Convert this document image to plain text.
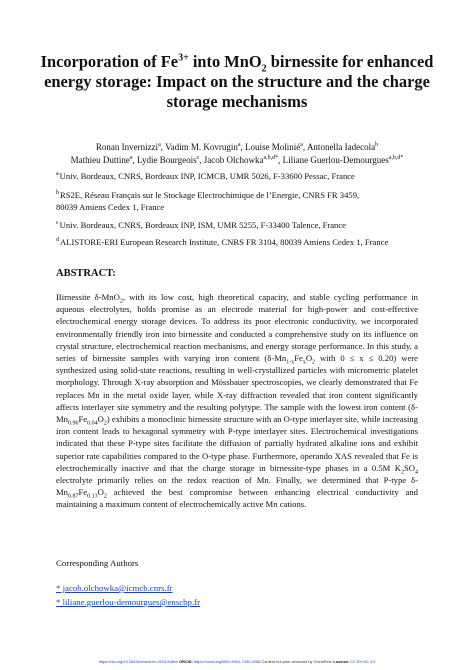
Incorporation of $Fe^{3+}$ into MnO$_2$ birnessite for enhanced energy storage: Impact on the structure and the charge storage mechanisms
Ronan Invernizzi$^a$, Vadim M. Kovrugin$^a$, Louise Molinié$^a$, Antonella Iadecola$^b$
Mathieu Duttine$^a$, Lydie Bourgeois$^c$, Jacob Olchowka$^{a,b,d*}$, Liliane Guerlou-Demourgues$^{a,b,d*}$
$^a$Univ. Bordeaux, CNRS, Bordeaux INP, ICMCB, UMR 5026, F-33600 Pessac, France
$^b$RS2E, Réseau Français sur le Stockage Electrochimique de l’Energie, CNRS FR 3459, 80039 Amiens Cedex 1, France
$^c$Univ. Bordeaux, CNRS, Bordeaux INP, ISM, UMR 5255, F-33400 Talence, France
$^d$ALISTORE-ERI European Research Institute, CNRS FR 3104, 80039 Amiens Cedex 1, France
ABSTRACT:

Birnessite δ-MnO$_2$, with its low cost, high theoretical capacity, and stable cycling performance in aqueous electrolytes, holds promise as an electrode material for high-power and cost-effective electrochemical energy storage devices. To address its poor electronic conductivity, we incorporated environmentally friendly iron into birnessite and conducted a comprehensive study on its influence on crystal structure, electrochemical reaction mechanisms, and energy storage performance. In this study, a series of birnessite samples with varying iron content ($\delta-Mn_{1-x}Fe_xO_2$ with 0 ≤ x ≤ 0.20) were synthesized using solid-state reactions, resulting in well-crystallized particles with micrometric platelet morphology. Through X-ray absorption and Mössbauer spectroscopies, we clearly demonstrated that Fe replaces Mn in the metal oxide layer, while X-ray diffraction revealed that iron content significantly affects interlayer site symmetry and the resulting polytype. The sample with the lowest iron content $(\delta-Mn_{0.96}Fe_{0.04}O_2)$ exhibits a monoclinic birnessite structure with an O-type interlayer site, while increasing iron content leads to hexagonal symmetry with P-type interlayer sites. Electrochemical investigations indicated that these P-type sites facilitate the diffusion of partially hydrated alkaline ions and exhibit superior rate capabilities compared to the O-type phase. Furthermore, operando XAS revealed that Fe is electrochemically inactive and that the charge storage in birnessite-type phases in a 0.5M $K_2SO_4$ electrolyte primarily relies on the redox reaction of Mn. Finally, we determined that P-type $\delta-Mn_{0.87}Fe_{0.13}O_2$ achieved the best compromise between enhancing electrical conductivity and maintaining a maximum content of electrochemically active Mn cations.

Corresponding Authors
* jacob.olchowka@icmcb.cnrs.fr
* liliane.guerlou-demourgues@enscbp.fr
https://doi.org/10.26434/chemrxiv-2023-lh8km ORCID: https://orcid.org/0000-0001-7430-0266 Content not peer-reviewed by ChemRxiv. License: CC BY-NC 4.0
